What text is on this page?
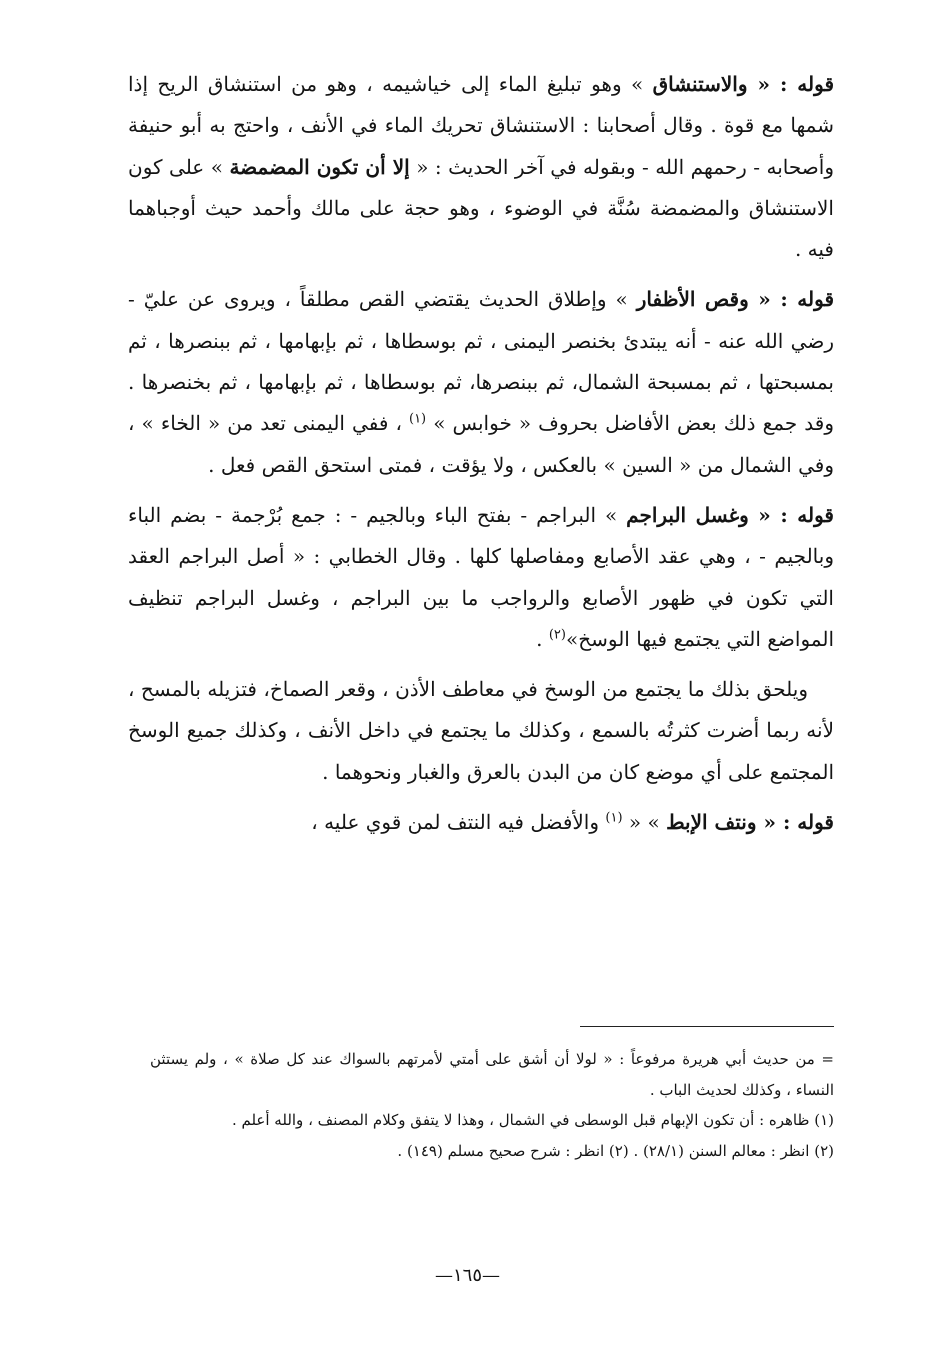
قوله : « والاستنشاق » وهو تبليغ الماء إلى خياشيمه ، وهو من استنشاق الريح إذا شمها مع قوة . وقال أصحابنا : الاستنشاق تحريك الماء في الأنف ، واحتج به أبو حنيفة وأصحابه - رحمهم الله - وبقوله في آخر الحديث : « إلا أن تكون المضمضة » على كون الاستنشاق والمضمضة سُنَّة في الوضوء ، وهو حجة على مالك وأحمد حيث أوجباهما فيه .

قوله : « وقص الأظفار » وإطلاق الحديث يقتضي القص مطلقاً ، ويروى عن عليّ - رضي الله عنه - أنه يبتدئ بخنصر اليمنى ، ثم بوسطاها ، ثم بإبهامها ، ثم ببنصرها ، ثم بمسبحتها ، ثم بمسبحة الشمال، ثم ببنصرها، ثم بوسطاها ، ثم بإبهامها ، ثم بخنصرها . وقد جمع ذلك بعض الأفاضل بحروف « خوابس » $^{(١)}$ ، ففي اليمنى تعد من « الخاء » ، وفي الشمال من « السين » بالعكس ، ولا يؤقت ، فمتى استحق القص فعل .

قوله : « وغسل البراجم » البراجم - بفتح الباء وبالجيم - : جمع بُرْجمة - بضم الباء وبالجيم - ، وهي عقد الأصابع ومفاصلها كلها . وقال الخطابي : « أصل البراجم العقد التي تكون في ظهور الأصابع والرواجب ما بين البراجم ، وغسل البراجم تنظيف المواضع التي يجتمع فيها الوسخ»$^{(٢)}$ .

ويلحق بذلك ما يجتمع من الوسخ في معاطف الأذن ، وقعر الصماخ، فتزيله بالمسح ، لأنه ربما أضرت كثرتُه بالسمع ، وكذلك ما يجتمع في داخل الأنف ، وكذلك جميع الوسخ المجتمع على أي موضع كان من البدن بالعرق والغبار ونحوهما .

قوله : « ونتف الإبط » « $^{(١)}$ والأفضل فيه النتف لمن قوي عليه ،

= من حديث أبي هريرة مرفوعاً : « لولا أن أشق على أمتي لأمرتهم بالسواك عند كل صلاة » ، ولم يستثن النساء ، وكذلك لحديث الباب .

(١) ظاهره : أن تكون الإبهام قبل الوسطى في الشمال ، وهذا لا يتفق وكلام المصنف ، والله أعلم .

(٢) انظر : معالم السنن (٢٨/١) . (٢) انظر : شرح صحيح مسلم (١٤٩) .

—١٦٥—
